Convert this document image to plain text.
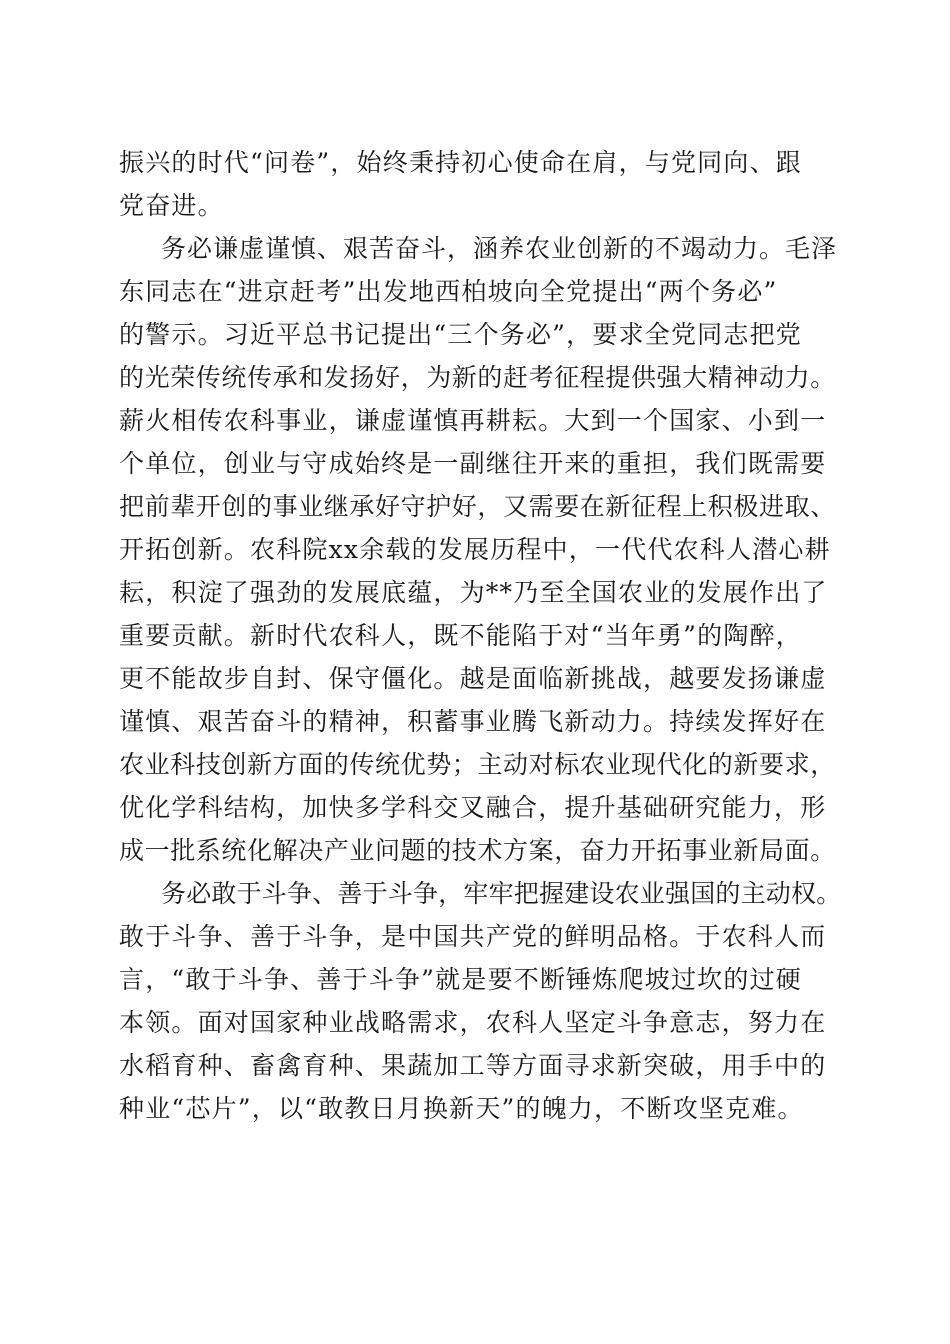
振兴的时代“问卷”，始终秉持初心使命在肩，与党同向、跟
党奋进。
务必谦虚谨慎、艰苦奋斗，涵养农业创新的不竭动力。毛泽
东同志在“进京赶考”出发地西柏坡向全党提出“两个务必”
的警示。习近平总书记提出“三个务必”，要求全党同志把党
的光荣传统传承和发扬好，为新的赶考征程提供强大精神动力。
薪火相传农科事业，谦虚谨慎再耕耘。大到一个国家、小到一
个单位，创业与守成始终是一副继往开来的重担，我们既需要
把前辈开创的事业继承好守护好，又需要在新征程上积极进取、
开拓创新。农科院xx余载的发展历程中，一代代农科人潜心耕
耘，积淀了强劲的发展底蕴，为**乃至全国农业的发展作出了
重要贡献。新时代农科人，既不能陷于对“当年勇”的陶醉，
更不能故步自封、保守僵化。越是面临新挑战，越要发扬谦虚
谨慎、艰苦奋斗的精神，积蓄事业腾飞新动力。持续发挥好在
农业科技创新方面的传统优势；主动对标农业现代化的新要求，
优化学科结构，加快多学科交叉融合，提升基础研究能力，形
成一批系统化解决产业问题的技术方案，奋力开拓事业新局面。
务必敢于斗争、善于斗争，牢牢把握建设农业强国的主动权。
敢于斗争、善于斗争，是中国共产党的鲜明品格。于农科人而
言，“敢于斗争、善于斗争”就是要不断锤炼爬坡过坎的过硬
本领。面对国家种业战略需求，农科人坚定斗争意志，努力在
水稻育种、畜禽育种、果蔬加工等方面寻求新突破，用手中的
种业“芯片”，以“敢教日月换新天”的魄力，不断攻坚克难。
